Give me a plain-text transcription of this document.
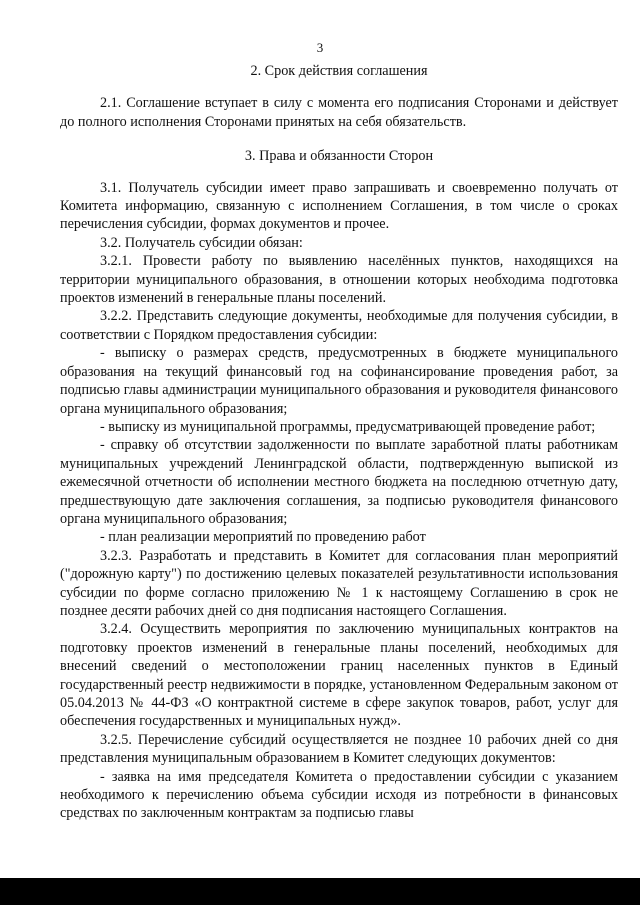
3
2. Срок действия соглашения

2.1. Соглашение вступает в силу с момента его подписания Сторонами и действует до полного исполнения Сторонами принятых на себя обязательств.

3. Права и обязанности Сторон

3.1. Получатель субсидии имеет право запрашивать и своевременно получать от Комитета информацию, связанную с исполнением Соглашения, в том числе о сроках перечисления субсидии, формах документов и прочее.

3.2. Получатель субсидии обязан:

3.2.1. Провести работу по выявлению населённых пунктов, находящихся на территории муниципального образования, в отношении которых необходима подготовка проектов изменений в генеральные планы поселений.

3.2.2. Представить следующие документы, необходимые для получения субсидии, в соответствии с Порядком предоставления субсидии:

- выписку о размерах средств, предусмотренных в бюджете муниципального образования на текущий финансовый год на софинансирование проведения работ, за подписью главы администрации муниципального образования и руководителя финансового органа муниципального образования;

- выписку из муниципальной программы, предусматривающей проведение работ;

- справку об отсутствии задолженности по выплате заработной платы работникам муниципальных учреждений Ленинградской области, подтвержденную выпиской из ежемесячной отчетности об исполнении местного бюджета на последнюю отчетную дату, предшествующую дате заключения соглашения, за подписью руководителя финансового органа муниципального образования;

- план реализации мероприятий по проведению работ

3.2.3. Разработать и представить в Комитет для согласования план мероприятий ("дорожную карту") по достижению целевых показателей результативности использования субсидии по форме согласно приложению № 1 к настоящему Соглашению в срок не позднее десяти рабочих дней со дня подписания настоящего Соглашения.

3.2.4. Осуществить мероприятия по заключению муниципальных контрактов на подготовку проектов изменений в генеральные планы поселений, необходимых для внесений сведений о местоположении границ населенных пунктов в Единый государственный реестр недвижимости в порядке, установленном Федеральным законом от 05.04.2013 № 44-ФЗ «О контрактной системе в сфере закупок товаров, работ, услуг для обеспечения государственных и муниципальных нужд».

3.2.5. Перечисление субсидий осуществляется не позднее 10 рабочих дней со дня представления муниципальным образованием в Комитет следующих документов:

- заявка на имя председателя Комитета о предоставлении субсидии с указанием необходимого к перечислению объема субсидии исходя из потребности в финансовых средствах по заключенным контрактам за подписью главы
